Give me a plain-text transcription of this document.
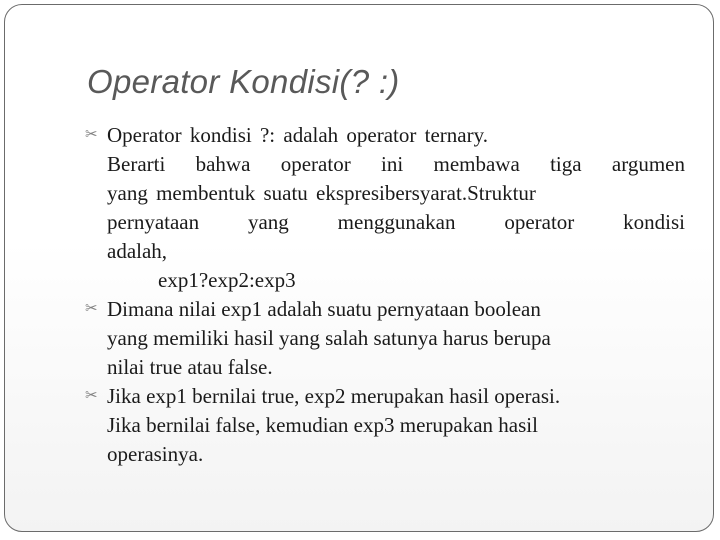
Operator Kondisi(? :)
✂ Operator kondisi ?: adalah operator ternary.
Berarti bahwa operator ini membawa tiga argumen
yang membentuk suatu ekspresibersyarat.Struktur
pernyataan yang menggunakan operator kondisi
adalah,
exp1?exp2:exp3
✂ Dimana nilai exp1 adalah suatu pernyataan boolean
yang memiliki hasil yang salah satunya harus berupa
nilai true atau false.
✂ Jika exp1 bernilai true, exp2 merupakan hasil operasi.
Jika bernilai false, kemudian exp3 merupakan hasil
operasinya.
